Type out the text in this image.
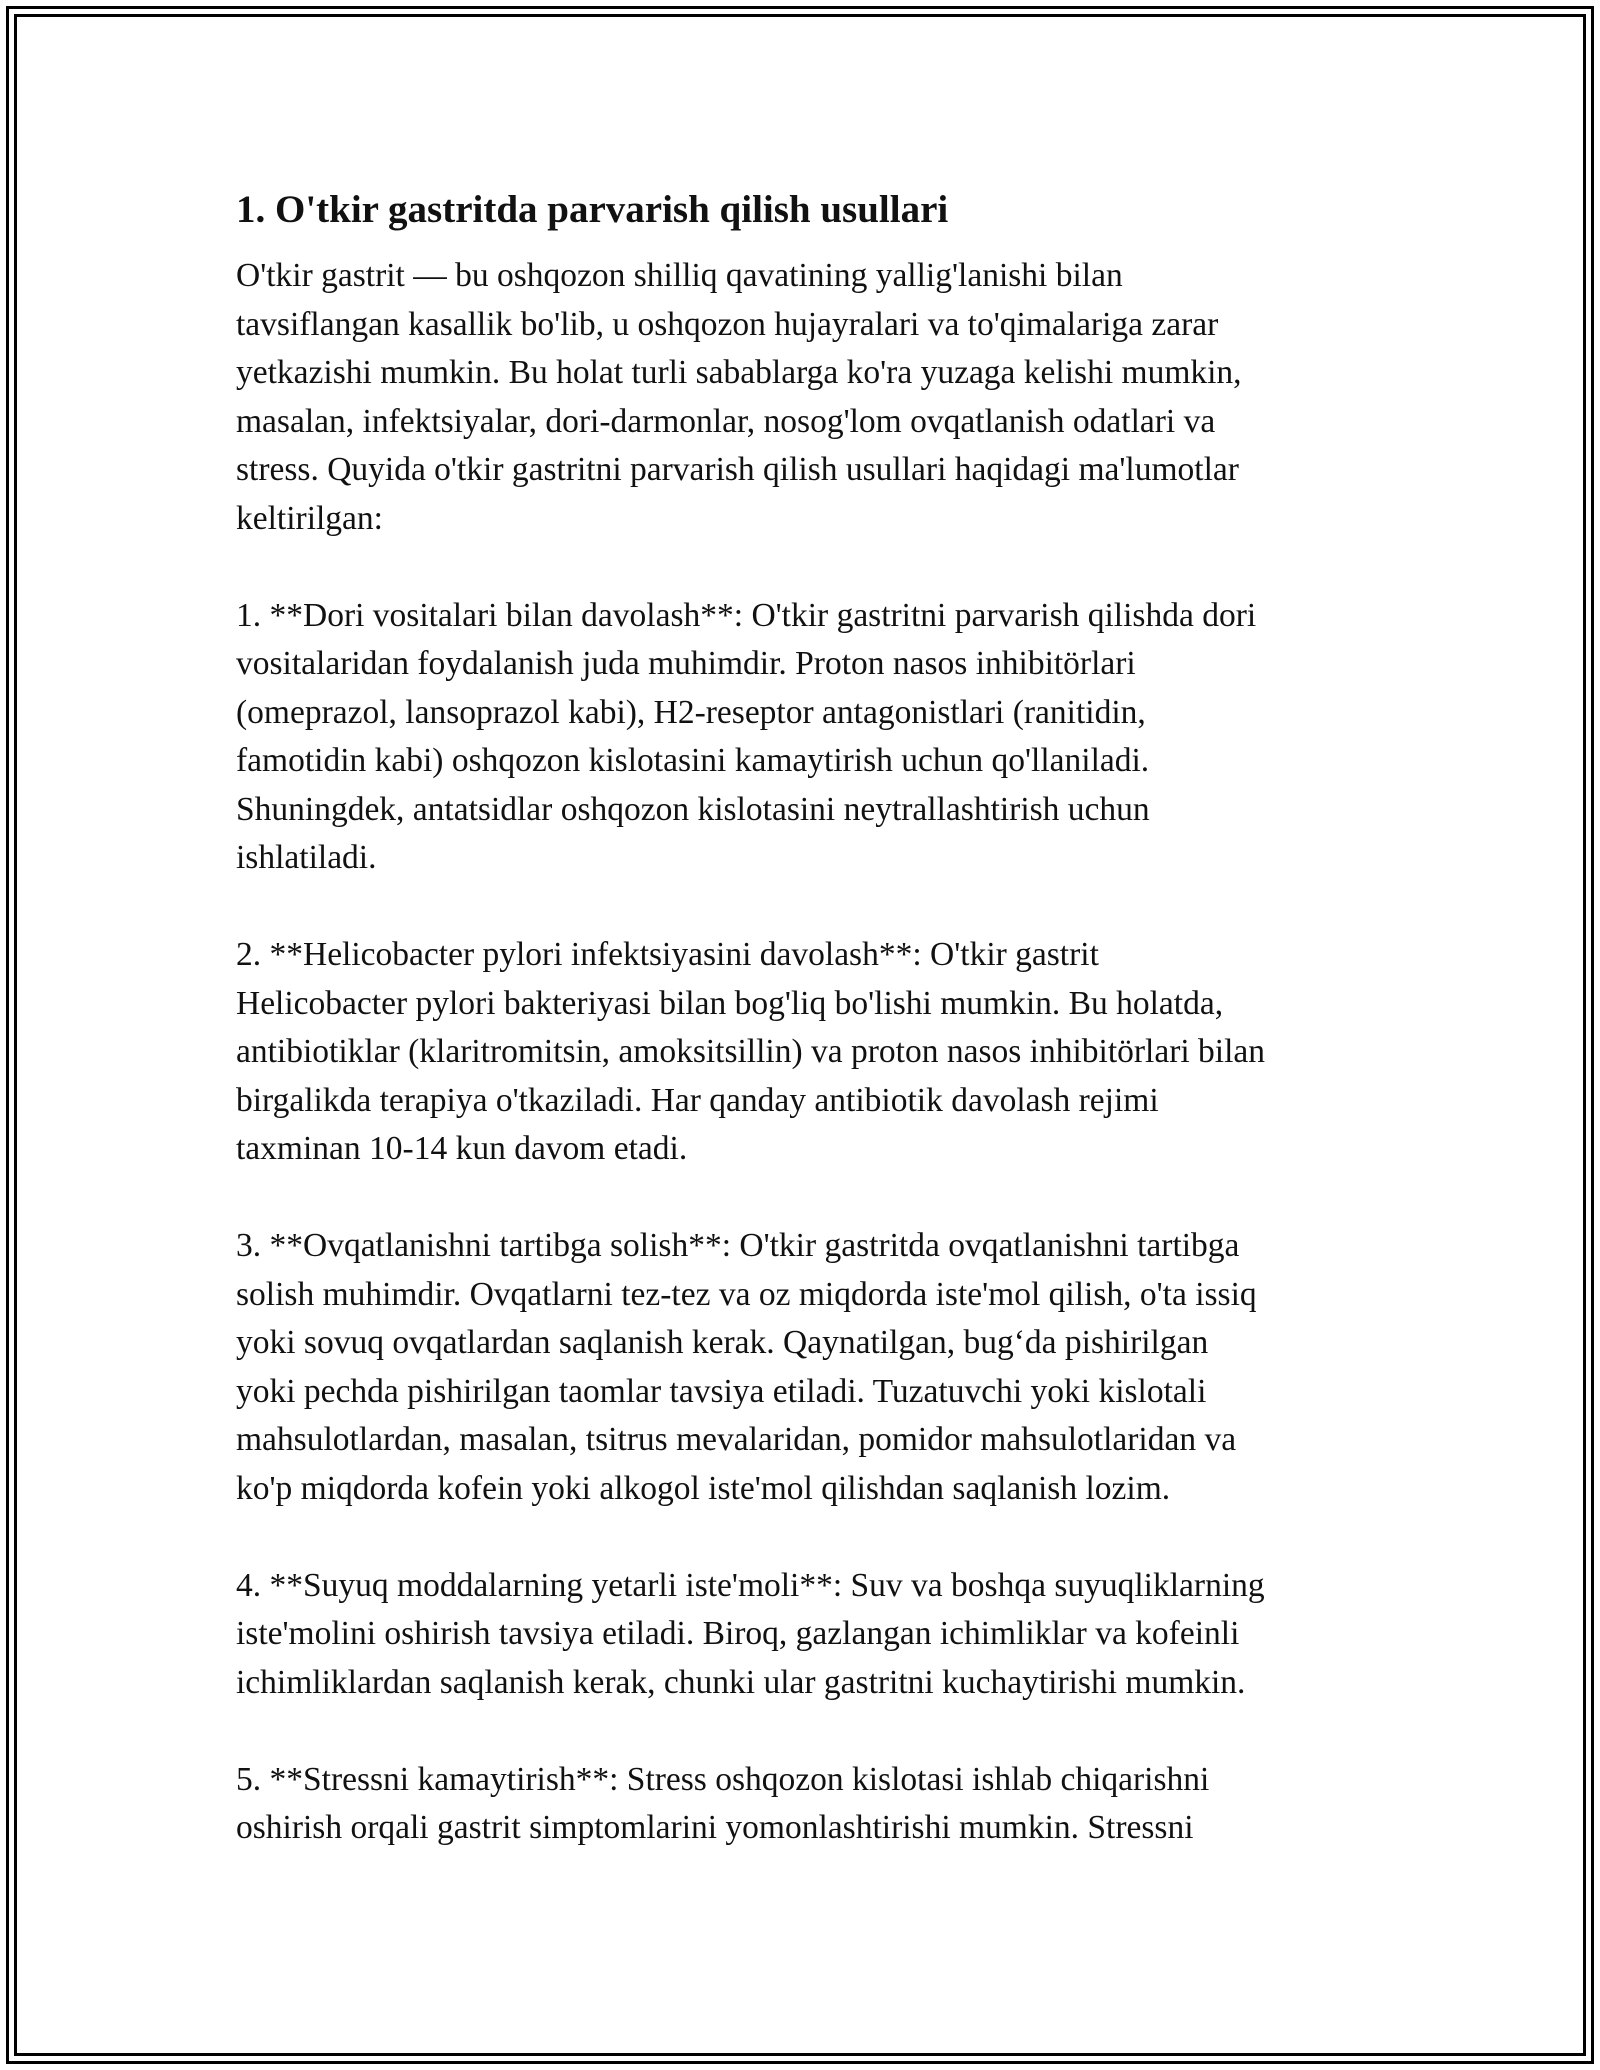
1. O'tkir gastritda parvarish qilish usullari

O'tkir gastrit — bu oshqozon shilliq qavatining yallig'lanishi bilan
tavsiflangan kasallik bo'lib, u oshqozon hujayralari va to'qimalariga zarar
yetkazishi mumkin. Bu holat turli sabablarga ko'ra yuzaga kelishi mumkin,
masalan, infektsiyalar, dori-darmonlar, nosog'lom ovqatlanish odatlari va
stress. Quyida o'tkir gastritni parvarish qilish usullari haqidagi ma'lumotlar
keltirilgan:

1. **Dori vositalari bilan davolash**: O'tkir gastritni parvarish qilishda dori
vositalaridan foydalanish juda muhimdir. Proton nasos inhibitörlari
(omeprazol, lansoprazol kabi), H2-reseptor antagonistlari (ranitidin,
famotidin kabi) oshqozon kislotasini kamaytirish uchun qo'llaniladi.
Shuningdek, antatsidlar oshqozon kislotasini neytrallashtirish uchun
ishlatiladi.

2. **Helicobacter pylori infektsiyasini davolash**: O'tkir gastrit
Helicobacter pylori bakteriyasi bilan bog'liq bo'lishi mumkin. Bu holatda,
antibiotiklar (klaritromitsin, amoksitsillin) va proton nasos inhibitörlari bilan
birgalikda terapiya o'tkaziladi. Har qanday antibiotik davolash rejimi
taxminan 10-14 kun davom etadi.

3. **Ovqatlanishni tartibga solish**: O'tkir gastritda ovqatlanishni tartibga
solish muhimdir. Ovqatlarni tez-tez va oz miqdorda iste'mol qilish, o'ta issiq
yoki sovuq ovqatlardan saqlanish kerak. Qaynatilgan, bug‘da pishirilgan
yoki pechda pishirilgan taomlar tavsiya etiladi. Tuzatuvchi yoki kislotali
mahsulotlardan, masalan, tsitrus mevalaridan, pomidor mahsulotlaridan va
ko'p miqdorda kofein yoki alkogol iste'mol qilishdan saqlanish lozim.

4. **Suyuq moddalarning yetarli iste'moli**: Suv va boshqa suyuqliklarning
iste'molini oshirish tavsiya etiladi. Biroq, gazlangan ichimliklar va kofeinli
ichimliklardan saqlanish kerak, chunki ular gastritni kuchaytirishi mumkin.

5. **Stressni kamaytirish**: Stress oshqozon kislotasi ishlab chiqarishni
oshirish orqali gastrit simptomlarini yomonlashtirishi mumkin. Stressni
